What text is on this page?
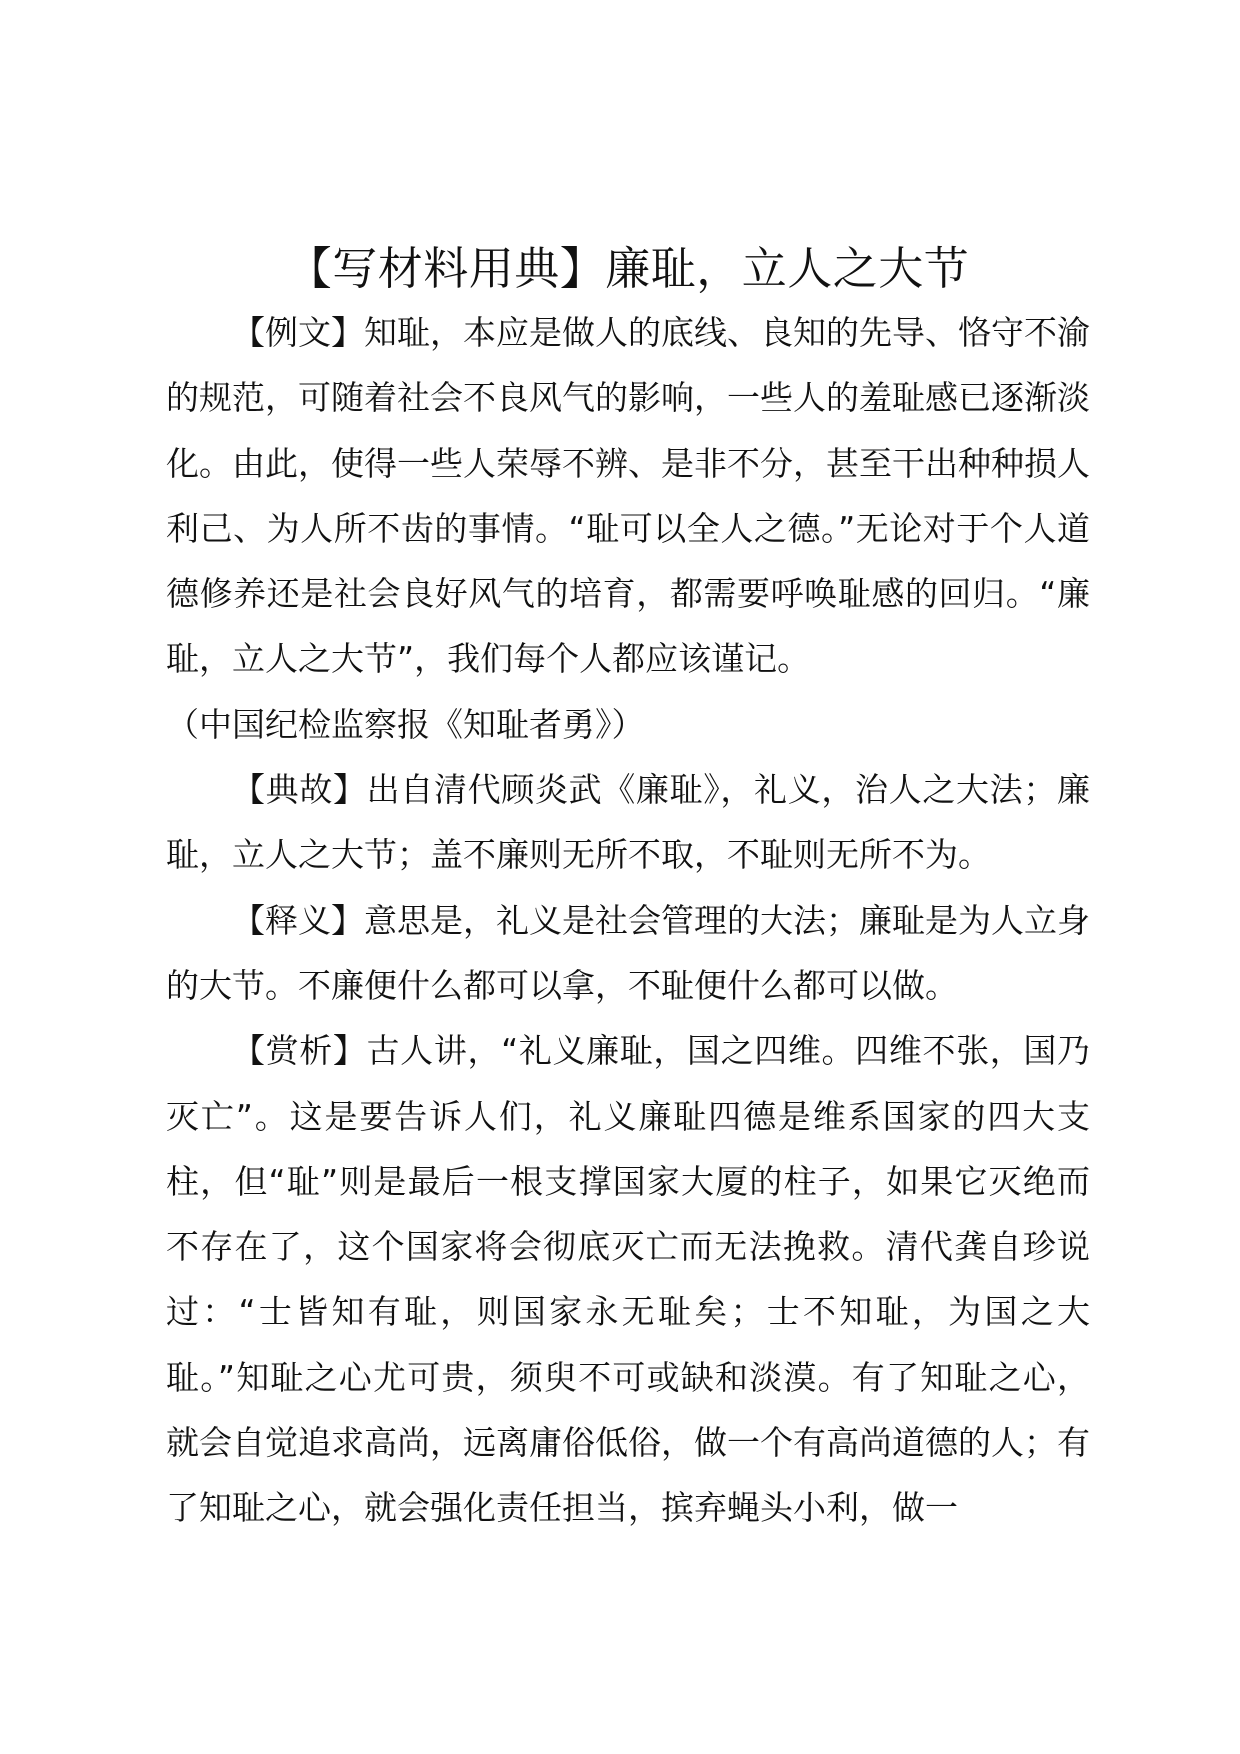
【写材料用典】廉耻，立人之大节

【例文】知耻，本应是做人的底线、良知的先导、恪守不渝的规范，可随着社会不良风气的影响，一些人的羞耻感已逐渐淡化。由此，使得一些人荣辱不辨、是非不分，甚至干出种种损人利己、为人所不齿的事情。“耻可以全人之德。”无论对于个人道德修养还是社会良好风气的培育，都需要呼唤耻感的回归。“廉耻，立人之大节”，我们每个人都应该谨记。

（中国纪检监察报《知耻者勇》）

【典故】出自清代顾炎武《廉耻》，礼义，治人之大法；廉耻，立人之大节；盖不廉则无所不取，不耻则无所不为。

【释义】意思是，礼义是社会管理的大法；廉耻是为人立身的大节。不廉便什么都可以拿，不耻便什么都可以做。

【赏析】古人讲，“礼义廉耻，国之四维。四维不张，国乃灭亡”。这是要告诉人们，礼义廉耻四德是维系国家的四大支柱，但“耻”则是最后一根支撑国家大厦的柱子，如果它灭绝而不存在了，这个国家将会彻底灭亡而无法挽救。清代龚自珍说过：“士皆知有耻，则国家永无耻矣；士不知耻，为国之大耻。”知耻之心尤可贵，须臾不可或缺和淡漠。有了知耻之心，就会自觉追求高尚，远离庸俗低俗，做一个有高尚道德的人；有了知耻之心，就会强化责任担当，摈弃蝇头小利，做一
